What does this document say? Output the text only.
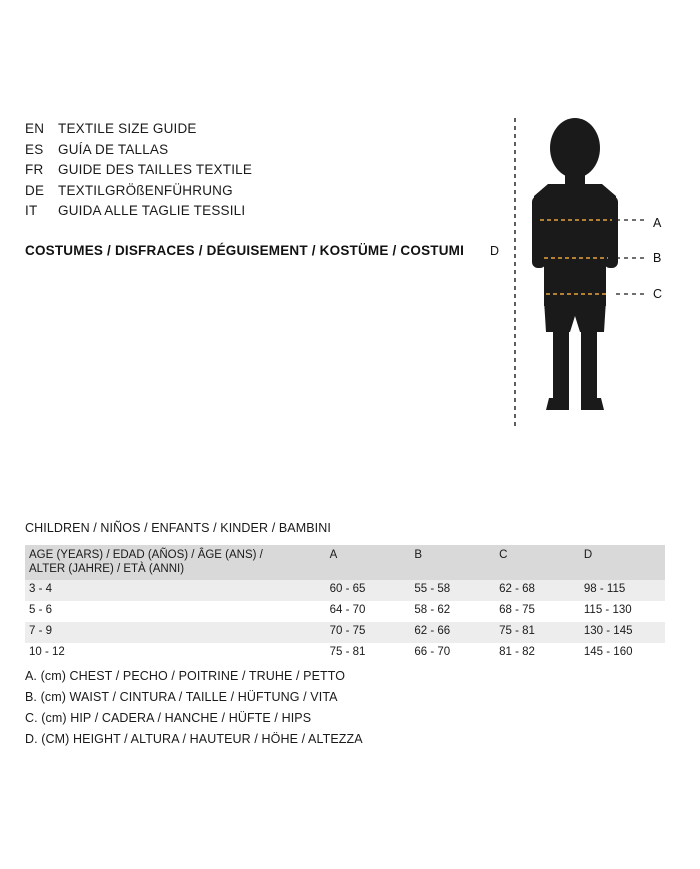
EN	TEXTILE SIZE GUIDE
ES	GUÍA DE TALLAS
FR	GUIDE DES TAILLES TEXTILE
DE	TEXTILGRÖßENFÜHRUNG
IT	GUIDA ALLE TAGLIE TESSILI
COSTUMES / DISFRACES / DÉGUISEMENT / KOSTÜME / COSTUMI
A
B
C
D
CHILDREN / NIÑOS / ENFANTS / KINDER / BAMBINI
AGE (YEARS) / EDAD (AÑOS) / ÂGE (ANS) /
ALTER (JAHRE) / ETÀ (ANNI)	A	B	C	D
3 - 4	60 - 65	55 - 58	62 - 68	98 - 115
5 - 6	64 - 70	58 - 62	68 - 75	115 - 130
7 - 9	70 - 75	62 - 66	75 - 81	130 - 145
10 - 12	75 - 81	66 - 70	81 - 82	145 - 160
A. (cm) CHEST / PECHO / POITRINE / TRUHE / PETTO
B. (cm) WAIST / CINTURA / TAILLE / HÜFTUNG / VITA
C. (cm) HIP / CADERA / HANCHE / HÜFTE / HIPS
D. (CM) HEIGHT / ALTURA / HAUTEUR / HÖHE / ALTEZZA
